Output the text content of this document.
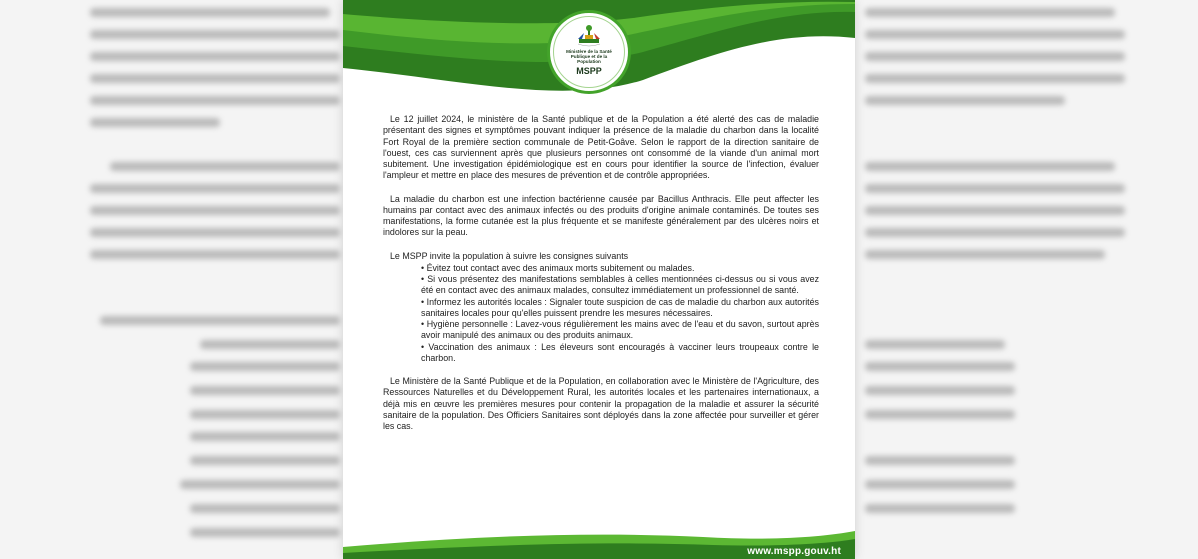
Ministère de la Santé Publique et de la Population
MSPP

Le 12 juillet 2024, le ministère de la Santé publique et de la Population a été alerté des cas de maladie présentant des signes et symptômes pouvant indiquer la présence de la maladie du charbon dans la localité Fort Royal de la première section communale de Petit-Goâve. Selon le rapport de la direction sanitaire de l'ouest, ces cas surviennent après que plusieurs personnes ont consommé de la viande d'un animal mort subitement. Une investigation épidémiologique est en cours pour identifier la source de l'infection, évaluer l'ampleur et mettre en place des mesures de prévention et de contrôle appropriées.

La maladie du charbon est une infection bactérienne causée par Bacillus Anthracis. Elle peut affecter les humains par contact avec des animaux infectés ou des produits d'origine animale contaminés. De toutes ses manifestations, la forme cutanée est la plus fréquente et se manifeste généralement par des ulcères noirs et indolores sur la peau.

Le MSPP invite la population à suivre les consignes suivants

• Évitez tout contact avec des animaux morts subitement ou malades.
• Si vous présentez des manifestations semblables à celles mentionnées ci-dessus ou si vous avez été en contact avec des animaux malades, consultez immédiatement un professionnel de santé.
• Informez les autorités locales : Signaler toute suspicion de cas de maladie du charbon aux autorités sanitaires locales pour qu'elles puissent prendre les mesures nécessaires.
• Hygiène personnelle : Lavez-vous régulièrement les mains avec de l'eau et du savon, surtout après avoir manipulé des animaux ou des produits animaux.
• Vaccination des animaux : Les éleveurs sont encouragés à vacciner leurs troupeaux contre le charbon.

Le Ministère de la Santé Publique et de la Population, en collaboration avec le Ministère de l'Agriculture, des Ressources Naturelles et du Développement Rural, les autorités locales et les partenaires internationaux, a déjà mis en œuvre les premières mesures pour contenir la propagation de la maladie et assurer la sécurité sanitaire de la population. Des Officiers Sanitaires sont déployés dans la zone affectée pour surveiller et gérer les cas.

www.mspp.gouv.ht
